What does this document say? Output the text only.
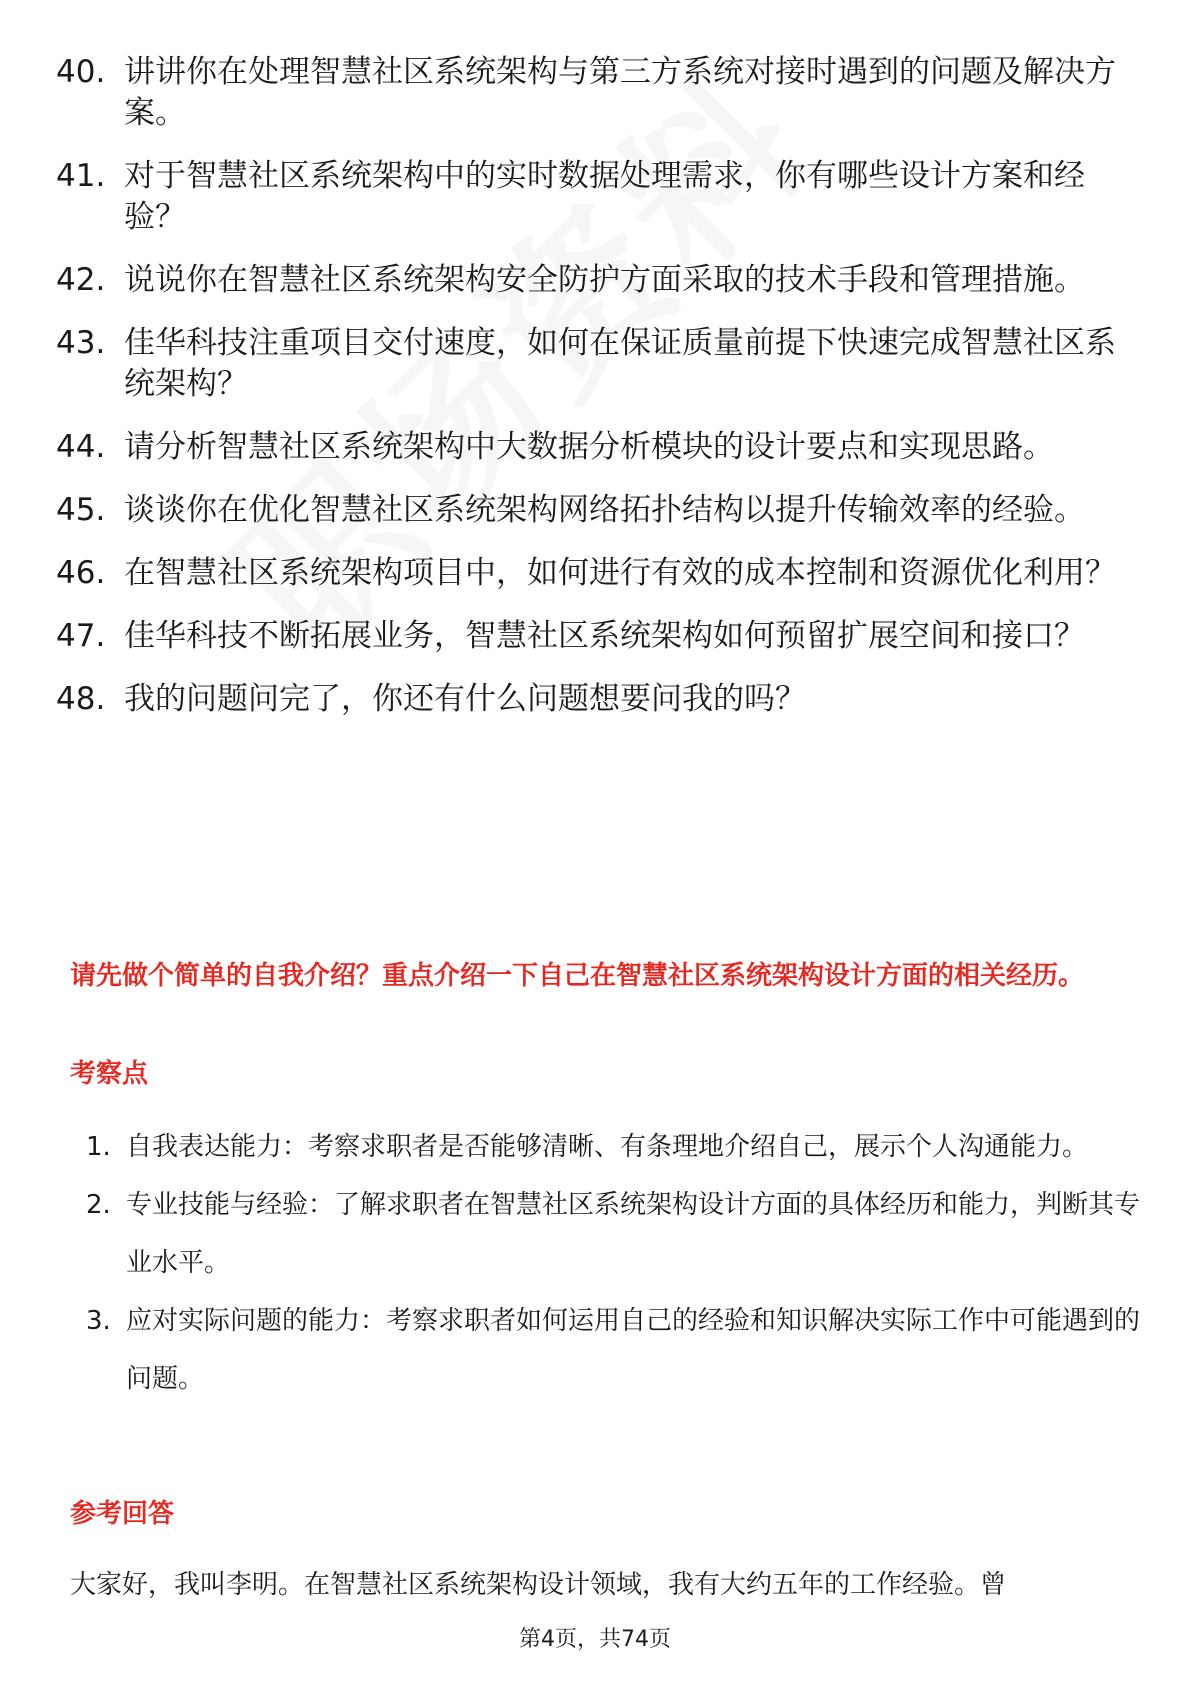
40. 讲讲你在处理智慧社区系统架构与第三方系统对接时遇到的问题及解决方案。
41. 对于智慧社区系统架构中的实时数据处理需求，你有哪些设计方案和经验？
42. 说说你在智慧社区系统架构安全防护方面采取的技术手段和管理措施。
43. 佳华科技注重项目交付速度，如何在保证质量前提下快速完成智慧社区系统架构？
44. 请分析智慧社区系统架构中大数据分析模块的设计要点和实现思路。
45. 谈谈你在优化智慧社区系统架构网络拓扑结构以提升传输效率的经验。
46. 在智慧社区系统架构项目中，如何进行有效的成本控制和资源优化利用？
47. 佳华科技不断拓展业务，智慧社区系统架构如何预留扩展空间和接口？
48. 我的问题问完了，你还有什么问题想要问我的吗？
请先做个简单的自我介绍？重点介绍一下自己在智慧社区系统架构设计方面的相关经历。
考察点
1. 自我表达能力：考察求职者是否能够清晰、有条理地介绍自己，展示个人沟通能力。
2. 专业技能与经验：了解求职者在智慧社区系统架构设计方面的具体经历和能力，判断其专业水平。
3. 应对实际问题的能力：考察求职者如何运用自己的经验和知识解决实际工作中可能遇到的问题。
参考回答
大家好，我叫李明。在智慧社区系统架构设计领域，我有大约五年的工作经验。曾
第4页，共74页
